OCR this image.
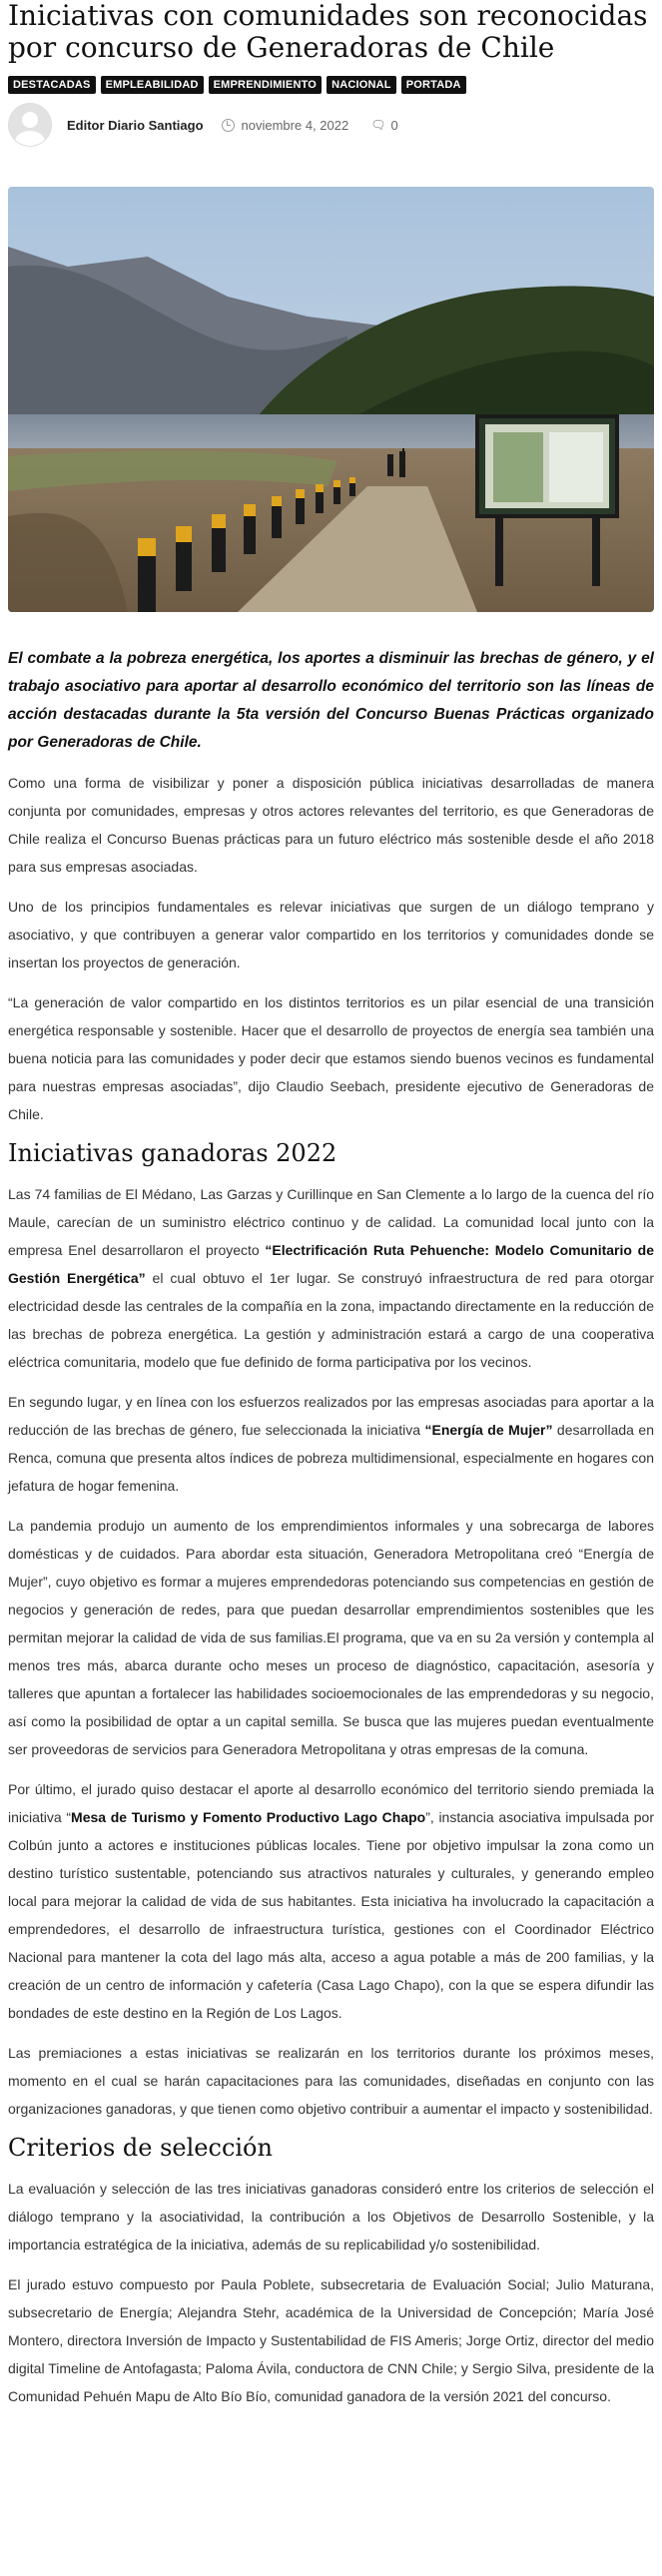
Iniciativas con comunidades son reconocidas por concurso de Generadoras de Chile
DESTACADAS	EMPLEABILIDAD	EMPRENDIMIENTO	NACIONAL	PORTADA
Editor Diario Santiago	noviembre 4, 2022 🗨 0

El combate a la pobreza energética, los aportes a disminuir las brechas de género, y el trabajo asociativo para aportar al desarrollo económico del territorio son las líneas de acción destacadas durante la 5ta versión del Concurso Buenas Prácticas organizado por Generadoras de Chile.

Como una forma de visibilizar y poner a disposición pública iniciativas desarrolladas de manera conjunta por comunidades, empresas y otros actores relevantes del territorio, es que Generadoras de Chile realiza el Concurso Buenas prácticas para un futuro eléctrico más sostenible desde el año 2018 para sus empresas asociadas.

Uno de los principios fundamentales es relevar iniciativas que surgen de un diálogo temprano y asociativo, y que contribuyen a generar valor compartido en los territorios y comunidades donde se insertan los proyectos de generación.

“La generación de valor compartido en los distintos territorios es un pilar esencial de una transición energética responsable y sostenible. Hacer que el desarrollo de proyectos de energía sea también una buena noticia para las comunidades y poder decir que estamos siendo buenos vecinos es fundamental para nuestras empresas asociadas”, dijo Claudio Seebach, presidente ejecutivo de Generadoras de Chile.

Iniciativas ganadoras 2022

Las 74 familias de El Médano, Las Garzas y Curillinque en San Clemente a lo largo de la cuenca del río Maule, carecían de un suministro eléctrico continuo y de calidad. La comunidad local junto con la empresa Enel desarrollaron el proyecto “Electrificación Ruta Pehuenche: Modelo Comunitario de Gestión Energética” el cual obtuvo el 1er lugar. Se construyó infraestructura de red para otorgar electricidad desde las centrales de la compañía en la zona, impactando directamente en la reducción de las brechas de pobreza energética. La gestión y administración estará a cargo de una cooperativa eléctrica comunitaria, modelo que fue definido de forma participativa por los vecinos.

En segundo lugar, y en línea con los esfuerzos realizados por las empresas asociadas para aportar a la reducción de las brechas de género, fue seleccionada la iniciativa “Energía de Mujer” desarrollada en Renca, comuna que presenta altos índices de pobreza multidimensional, especialmente en hogares con jefatura de hogar femenina.

La pandemia produjo un aumento de los emprendimientos informales y una sobrecarga de labores domésticas y de cuidados. Para abordar esta situación, Generadora Metropolitana creó “Energía de Mujer”, cuyo objetivo es formar a mujeres emprendedoras potenciando sus competencias en gestión de negocios y generación de redes, para que puedan desarrollar emprendimientos sostenibles que les permitan mejorar la calidad de vida de sus familias.El programa, que va en su 2a versión y contempla al menos tres más, abarca durante ocho meses un proceso de diagnóstico, capacitación, asesoría y talleres que apuntan a fortalecer las habilidades socioemocionales de las emprendedoras y su negocio, así como la posibilidad de optar a un capital semilla. Se busca que las mujeres puedan eventualmente ser proveedoras de servicios para Generadora Metropolitana y otras empresas de la comuna.

Por último, el jurado quiso destacar el aporte al desarrollo económico del territorio siendo premiada la iniciativa “Mesa de Turismo y Fomento Productivo Lago Chapo”, instancia asociativa impulsada por Colbún junto a actores e instituciones públicas locales. Tiene por objetivo impulsar la zona como un destino turístico sustentable, potenciando sus atractivos naturales y culturales, y generando empleo local para mejorar la calidad de vida de sus habitantes. Esta iniciativa ha involucrado la capacitación a emprendedores, el desarrollo de infraestructura turística, gestiones con el Coordinador Eléctrico Nacional para mantener la cota del lago más alta, acceso a agua potable a más de 200 familias, y la creación de un centro de información y cafetería (Casa Lago Chapo), con la que se espera difundir las bondades de este destino en la Región de Los Lagos.

Las premiaciones a estas iniciativas se realizarán en los territorios durante los próximos meses, momento en el cual se harán capacitaciones para las comunidades, diseñadas en conjunto con las organizaciones ganadoras, y que tienen como objetivo contribuir a aumentar el impacto y sostenibilidad.

Criterios de selección

La evaluación y selección de las tres iniciativas ganadoras consideró entre los criterios de selección el diálogo temprano y la asociatividad, la contribución a los Objetivos de Desarrollo Sostenible, y la importancia estratégica de la iniciativa, además de su replicabilidad y/o sostenibilidad.

El jurado estuvo compuesto por Paula Poblete, subsecretaria de Evaluación Social; Julio Maturana, subsecretario de Energía; Alejandra Stehr, académica de la Universidad de Concepción; María José Montero, directora Inversión de Impacto y Sustentabilidad de FIS Ameris; Jorge Ortiz, director del medio digital Timeline de Antofagasta; Paloma Ávila, conductora de CNN Chile; y Sergio Silva, presidente de la Comunidad Pehuén Mapu de Alto Bío Bío, comunidad ganadora de la versión 2021 del concurso.
